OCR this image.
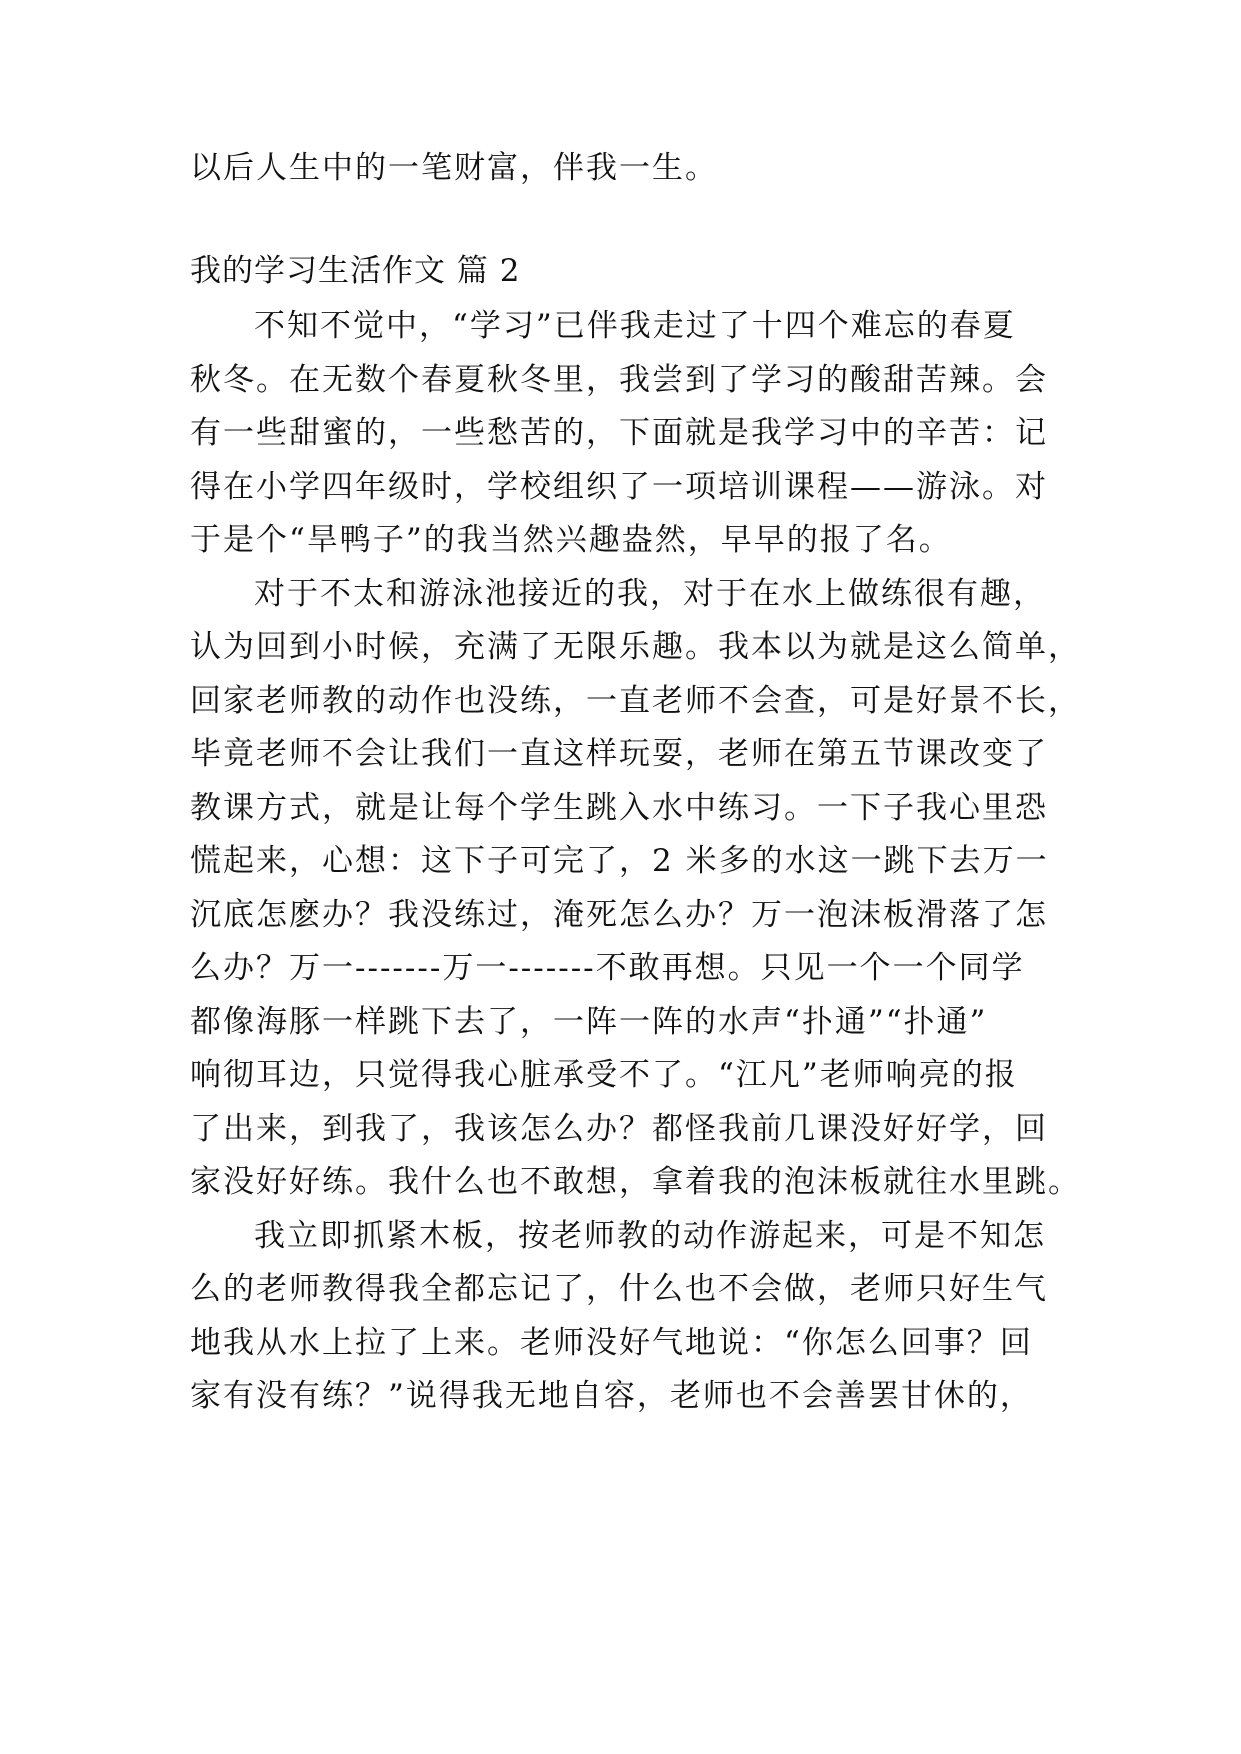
以后人生中的一笔财富，伴我一生。
我的学习生活作文 篇 2
不知不觉中，“学习”已伴我走过了十四个难忘的春夏
秋冬。在无数个春夏秋冬里，我尝到了学习的酸甜苦辣。会
有一些甜蜜的，一些愁苦的，下面就是我学习中的辛苦：记
得在小学四年级时，学校组织了一项培训课程——游泳。对
于是个“旱鸭子”的我当然兴趣盎然，早早的报了名。
对于不太和游泳池接近的我，对于在水上做练很有趣，
认为回到小时候，充满了无限乐趣。我本以为就是这么简单，
回家老师教的动作也没练，一直老师不会查，可是好景不长，
毕竟老师不会让我们一直这样玩耍，老师在第五节课改变了
教课方式，就是让每个学生跳入水中练习。一下子我心里恐
慌起来，心想：这下子可完了，2 米多的水这一跳下去万一
沉底怎麽办？我没练过，淹死怎么办？万一泡沫板滑落了怎
么办？万一-------万一-------不敢再想。只见一个一个同学
都像海豚一样跳下去了，一阵一阵的水声“扑通”“扑通”
响彻耳边，只觉得我心脏承受不了。“江凡”老师响亮的报
了出来，到我了，我该怎么办？都怪我前几课没好好学，回
家没好好练。我什么也不敢想，拿着我的泡沫板就往水里跳。
我立即抓紧木板，按老师教的动作游起来，可是不知怎
么的老师教得我全都忘记了，什么也不会做，老师只好生气
地我从水上拉了上来。老师没好气地说：“你怎么回事？回
家有没有练？”说得我无地自容，老师也不会善罢甘休的，
